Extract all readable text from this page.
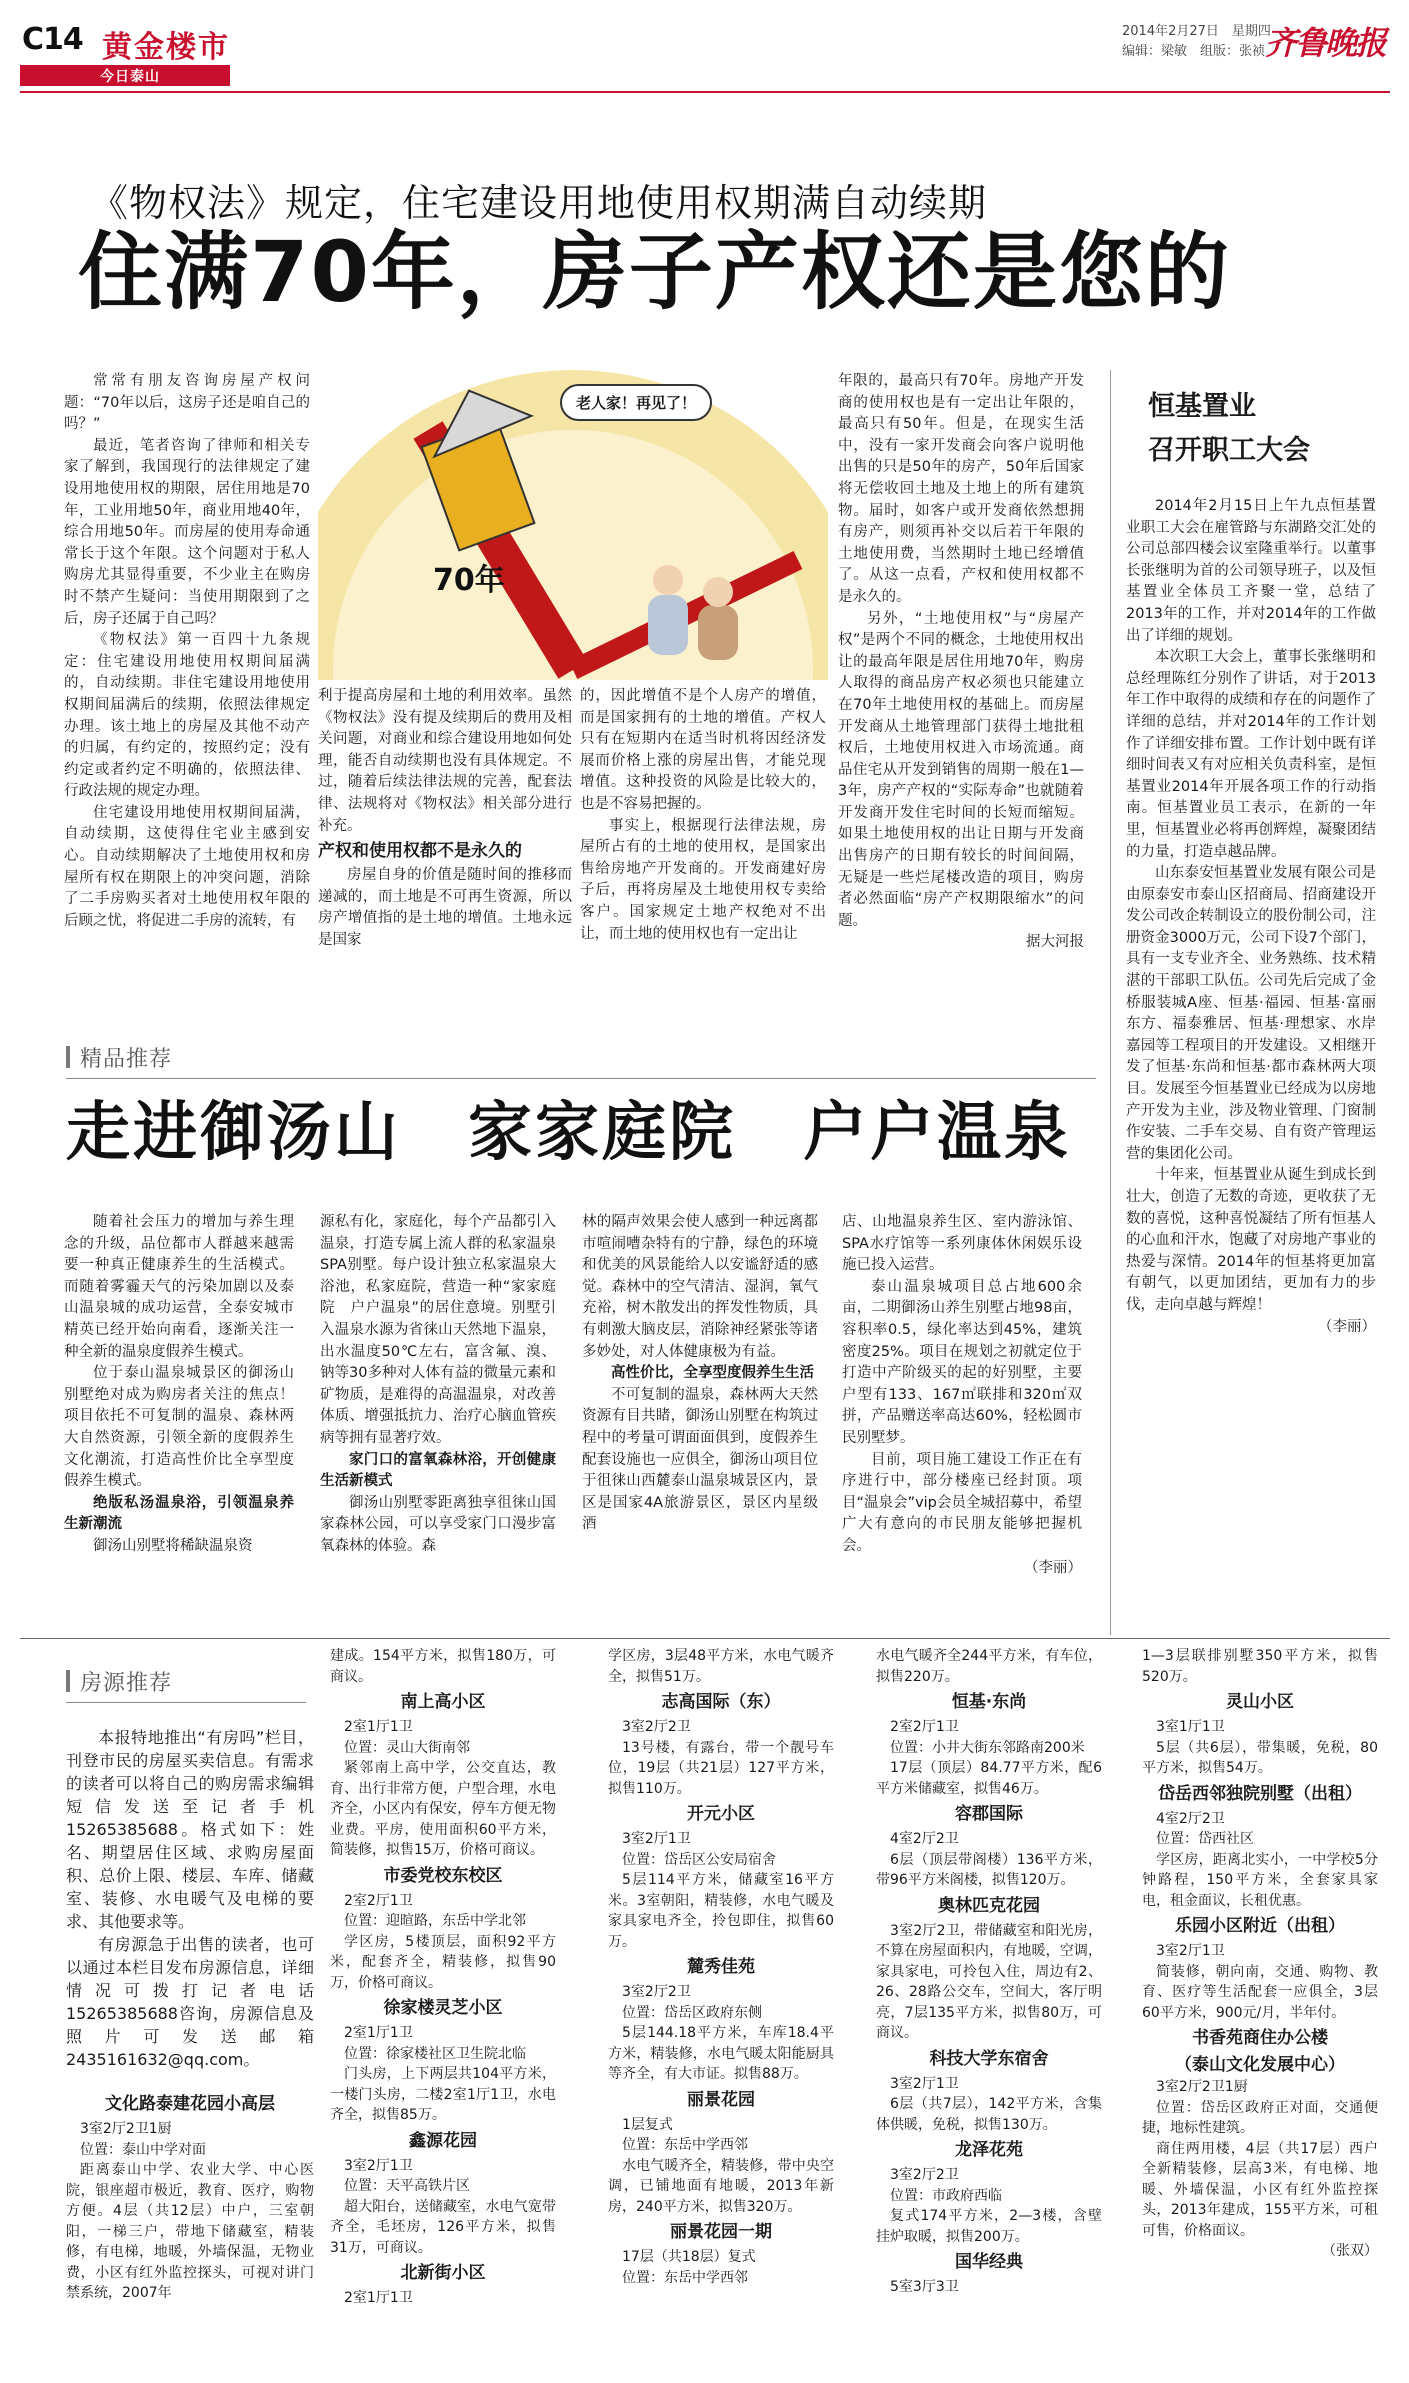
C14 黄金楼市
今日泰山
2014年2月27日　星期四
编辑：梁敏　组版：张祯 齐鲁晚报
《物权法》规定，住宅建设用地使用权期满自动续期
住满70年，房子产权还是您的
老人家！再见了！
70年

常常有朋友咨询房屋产权问题：“70年以后，这房子还是咱自己的吗？”

最近，笔者咨询了律师和相关专家了解到，我国现行的法律规定了建设用地使用权的期限，居住用地是70年，工业用地50年，商业用地40年，综合用地50年。而房屋的使用寿命通常长于这个年限。这个问题对于私人购房尤其显得重要，不少业主在购房时不禁产生疑问：当使用期限到了之后，房子还属于自己吗？

《物权法》第一百四十九条规定：住宅建设用地使用权期间届满的，自动续期。非住宅建设用地使用权期间届满后的续期，依照法律规定办理。该土地上的房屋及其他不动产的归属，有约定的，按照约定；没有约定或者约定不明确的，依照法律、行政法规的规定办理。

住宅建设用地使用权期间届满，自动续期，这使得住宅业主感到安心。自动续期解决了土地使用权和房屋所有权在期限上的冲突问题，消除了二手房购买者对土地使用权年限的后顾之忧，将促进二手房的流转，有

利于提高房屋和土地的利用效率。虽然《物权法》没有提及续期后的费用及相关问题，对商业和综合建设用地如何处理，能否自动续期也没有具体规定。不过，随着后续法律法规的完善，配套法律、法规将对《物权法》相关部分进行补充。

产权和使用权都不是永久的

房屋自身的价值是随时间的推移而递减的，而土地是不可再生资源，所以房产增值指的是土地的增值。土地永远是国家

的，因此增值不是个人房产的增值，而是国家拥有的土地的增值。产权人只有在短期内在适当时机将因经济发展而价格上涨的房屋出售，才能兑现增值。这种投资的风险是比较大的，也是不容易把握的。

事实上，根据现行法律法规，房屋所占有的土地的使用权，是国家出售给房地产开发商的。开发商建好房子后，再将房屋及土地使用权专卖给客户。国家规定土地产权绝对不出让，而土地的使用权也有一定出让

年限的，最高只有70年。房地产开发商的使用权也是有一定出让年限的，最高只有50年。但是，在现实生活中，没有一家开发商会向客户说明他出售的只是50年的房产，50年后国家将无偿收回土地及土地上的所有建筑物。届时，如客户或开发商依然想拥有房产，则须再补交以后若干年限的土地使用费，当然期时土地已经增值了。从这一点看，产权和使用权都不是永久的。

另外，“土地使用权”与“房屋产权”是两个不同的概念，土地使用权出让的最高年限是居住用地70年，购房人取得的商品房产权必须也只能建立在70年土地使用权的基础上。而房屋开发商从土地管理部门获得土地批租权后，土地使用权进入市场流通。商品住宅从开发到销售的周期一般在1—3年，房产产权的“实际寿命”也就随着开发商开发住宅时间的长短而缩短。如果土地使用权的出让日期与开发商出售房产的日期有较长的时间间隔，无疑是一些烂尾楼改造的项目，购房者必然面临“房产产权期限缩水”的问题。

据大河报

恒基置业
召开职工大会

2014年2月15日上午九点恒基置业职工大会在雇管路与东湖路交汇处的公司总部四楼会议室隆重举行。以董事长张继明为首的公司领导班子，以及恒基置业全体员工齐聚一堂，总结了2013年的工作，并对2014年的工作做出了详细的规划。

本次职工大会上，董事长张继明和总经理陈红分别作了讲话，对于2013年工作中取得的成绩和存在的问题作了详细的总结，并对2014年的工作计划作了详细安排布置。工作计划中既有详细时间表又有对应相关负责科室，是恒基置业2014年开展各项工作的行动指南。恒基置业员工表示，在新的一年里，恒基置业必将再创辉煌，凝聚团结的力量，打造卓越品牌。

山东泰安恒基置业发展有限公司是由原泰安市泰山区招商局、招商建设开发公司改企转制设立的股份制公司，注册资金3000万元，公司下设7个部门，具有一支专业齐全、业务熟练、技术精湛的干部职工队伍。公司先后完成了金桥服装城A座、恒基·福园、恒基·富丽东方、福泰雅居、恒基·理想家、水岸嘉园等工程项目的开发建设。又相继开发了恒基·东尚和恒基·都市森林两大项目。发展至今恒基置业已经成为以房地产开发为主业，涉及物业管理、门窗制作安装、二手车交易、自有资产管理运营的集团化公司。

十年来，恒基置业从诞生到成长到壮大，创造了无数的奇迹，更收获了无数的喜悦，这种喜悦凝结了所有恒基人的心血和汗水，饱藏了对房地产事业的热爱与深情。2014年的恒基将更加富有朝气，以更加团结，更加有力的步伐，走向卓越与辉煌！

（李丽）

精品推荐
走进御汤山　家家庭院　户户温泉

随着社会压力的增加与养生理念的升级，品位都市人群越来越需要一种真正健康养生的生活模式。而随着雾霾天气的污染加剧以及泰山温泉城的成功运营，全泰安城市精英已经开始向南看，逐渐关注一种全新的温泉度假养生模式。

位于泰山温泉城景区的御汤山别墅绝对成为购房者关注的焦点！项目依托不可复制的温泉、森林两大自然资源，引领全新的度假养生文化潮流，打造高性价比全享型度假养生模式。

绝版私汤温泉浴，引领温泉养生新潮流

御汤山别墅将稀缺温泉资

源私有化，家庭化，每个产品都引入温泉，打造专属上流人群的私家温泉SPA别墅。每户设计独立私家温泉大浴池，私家庭院，营造一种“家家庭院　户户温泉”的居住意境。别墅引入温泉水源为省徕山天然地下温泉，出水温度50℃左右，富含氟、溴、钠等30多种对人体有益的微量元素和矿物质，是难得的高温温泉，对改善体质、增强抵抗力、治疗心脑血管疾病等拥有显著疗效。

家门口的富氧森林浴，开创健康生活新模式

御汤山别墅零距离独享徂徕山国家森林公园，可以享受家门口漫步富氧森林的体验。森

林的隔声效果会使人感到一种远离都市喧闹嘈杂特有的宁静，绿色的环境和优美的风景能给人以安谧舒适的感觉。森林中的空气清洁、湿润，氧气充裕，树木散发出的挥发性物质，具有刺激大脑皮层，消除神经紧张等诸多妙处，对人体健康极为有益。

高性价比，全享型度假养生生活

不可复制的温泉，森林两大天然资源有目共睹，御汤山别墅在构筑过程中的考量可谓面面俱到，度假养生配套设施也一应俱全，御汤山项目位于徂徕山西麓泰山温泉城景区内，景区是国家4A旅游景区，景区内星级酒

店、山地温泉养生区、室内游泳馆、SPA水疗馆等一系列康体休闲娱乐设施已投入运营。

泰山温泉城项目总占地600余亩，二期御汤山养生别墅占地98亩，容积率0.5，绿化率达到45%，建筑密度25%。项目在规划之初就定位于打造中产阶级买的起的好别墅，主要户型有133、167㎡联排和320㎡双拼，产品赠送率高达60%，轻松圆市民别墅梦。

目前，项目施工建设工作正在有序进行中，部分楼座已经封顶。项目“温泉会”vip会员全城招募中，希望广大有意向的市民朋友能够把握机会。

（李丽）

房源推荐

本报特地推出“有房吗”栏目，刊登市民的房屋买卖信息。有需求的读者可以将自己的购房需求编辑短信发送至记者手机15265385688。格式如下：姓名、期望居住区域、求购房屋面积、总价上限、楼层、车库、储藏室、装修、水电暖气及电梯的要求、其他要求等。

有房源急于出售的读者，也可以通过本栏目发布房源信息，详细情况可拨打记者电话15265385688咨询，房源信息及照片可发送邮箱2435161632@qq.com。

文化路泰建花园小高层

3室2厅2卫1厨

位置：泰山中学对面

距离泰山中学、农业大学、中心医院，银座超市极近，教育、医疗，购物方便。4层（共12层）中户，三室朝阳，一梯三户，带地下储藏室，精装修，有电梯，地暖，外墙保温，无物业费，小区有红外监控探头，可视对讲门禁系统，2007年

建成。154平方米，拟售180万，可商议。

南上高小区

2室1厅1卫

位置：灵山大街南邻

紧邻南上高中学，公交直达，教育、出行非常方便，户型合理，水电齐全，小区内有保安，停车方便无物业费。平房，使用面积60平方米，简装修，拟售15万，价格可商议。

市委党校东校区

2室2厅1卫

位置：迎暄路，东岳中学北邻

学区房，5楼顶层，面积92平方米，配套齐全，精装修，拟售90万，价格可商议。

徐家楼灵芝小区

2室1厅1卫

位置：徐家楼社区卫生院北临

门头房，上下两层共104平方米，一楼门头房，二楼2室1厅1卫，水电齐全，拟售85万。

鑫源花园

3室2厅1卫

位置：天平高铁片区

超大阳台，送储藏室，水电气宽带齐全，毛坯房，126平方米，拟售31万，可商议。

北新街小区

2室1厅1卫

学区房，3层48平方米，水电气暖齐全，拟售51万。

志高国际（东）

3室2厅2卫

13号楼，有露台，带一个靓号车位，19层（共21层）127平方米，拟售110万。

开元小区

3室2厅1卫

位置：岱岳区公安局宿舍

5层114平方米，储藏室16平方米。3室朝阳，精装修，水电气暖及家具家电齐全，拎包即住，拟售60万。

麓秀佳苑

3室2厅2卫

位置：岱岳区政府东侧

5层144.18平方米，车库18.4平方米，精装修，水电气暖太阳能厨具等齐全，有大市证。拟售88万。

丽景花园

1层复式

位置：东岳中学西邻

水电气暖齐全，精装修，带中央空调，已铺地面有地暖，2013年新房，240平方米，拟售320万。

丽景花园一期

17层（共18层）复式

位置：东岳中学西邻

水电气暖齐全244平方米，有车位，拟售220万。

恒基·东尚

2室2厅1卫

位置：小井大街东邻路南200米

17层（顶层）84.77平方米，配6平方米储藏室，拟售46万。

容郡国际

4室2厅2卫

6层（顶层带阁楼）136平方米，带96平方米阁楼，拟售120万。

奥林匹克花园

3室2厅2卫，带储藏室和阳光房，不算在房屋面积内，有地暖，空调，家具家电，可拎包入住，周边有2、26、28路公交车，空间大，客厅明亮，7层135平方米，拟售80万，可商议。

科技大学东宿舍

3室2厅1卫

6层（共7层），142平方米，含集体供暖，免税，拟售130万。

龙泽花苑

3室2厅2卫

位置：市政府西临

复式174平方米，2—3楼，含壁挂炉取暖，拟售200万。

国华经典

5室3厅3卫

1—3层联排别墅350平方米，拟售520万。

灵山小区

3室1厅1卫

5层（共6层），带集暖，免税，80平方米，拟售54万。

岱岳西邻独院别墅（出租）

4室2厅2卫

位置：岱西社区

学区房，距离北实小，一中学校5分钟路程，150平方米，全套家具家电，租金面议，长租优惠。

乐园小区附近（出租）

3室2厅1卫

简装修，朝向南，交通、购物、教育、医疗等生活配套一应俱全，3层60平方米，900元/月，半年付。

书香苑商住办公楼

（泰山文化发展中心）

3室2厅2卫1厨

位置：岱岳区政府正对面，交通便捷，地标性建筑。

商住两用楼，4层（共17层）西户全新精装修，层高3米，有电梯、地暖、外墙保温，小区有红外监控探头，2013年建成，155平方米，可租可售，价格面议。

（张双）
